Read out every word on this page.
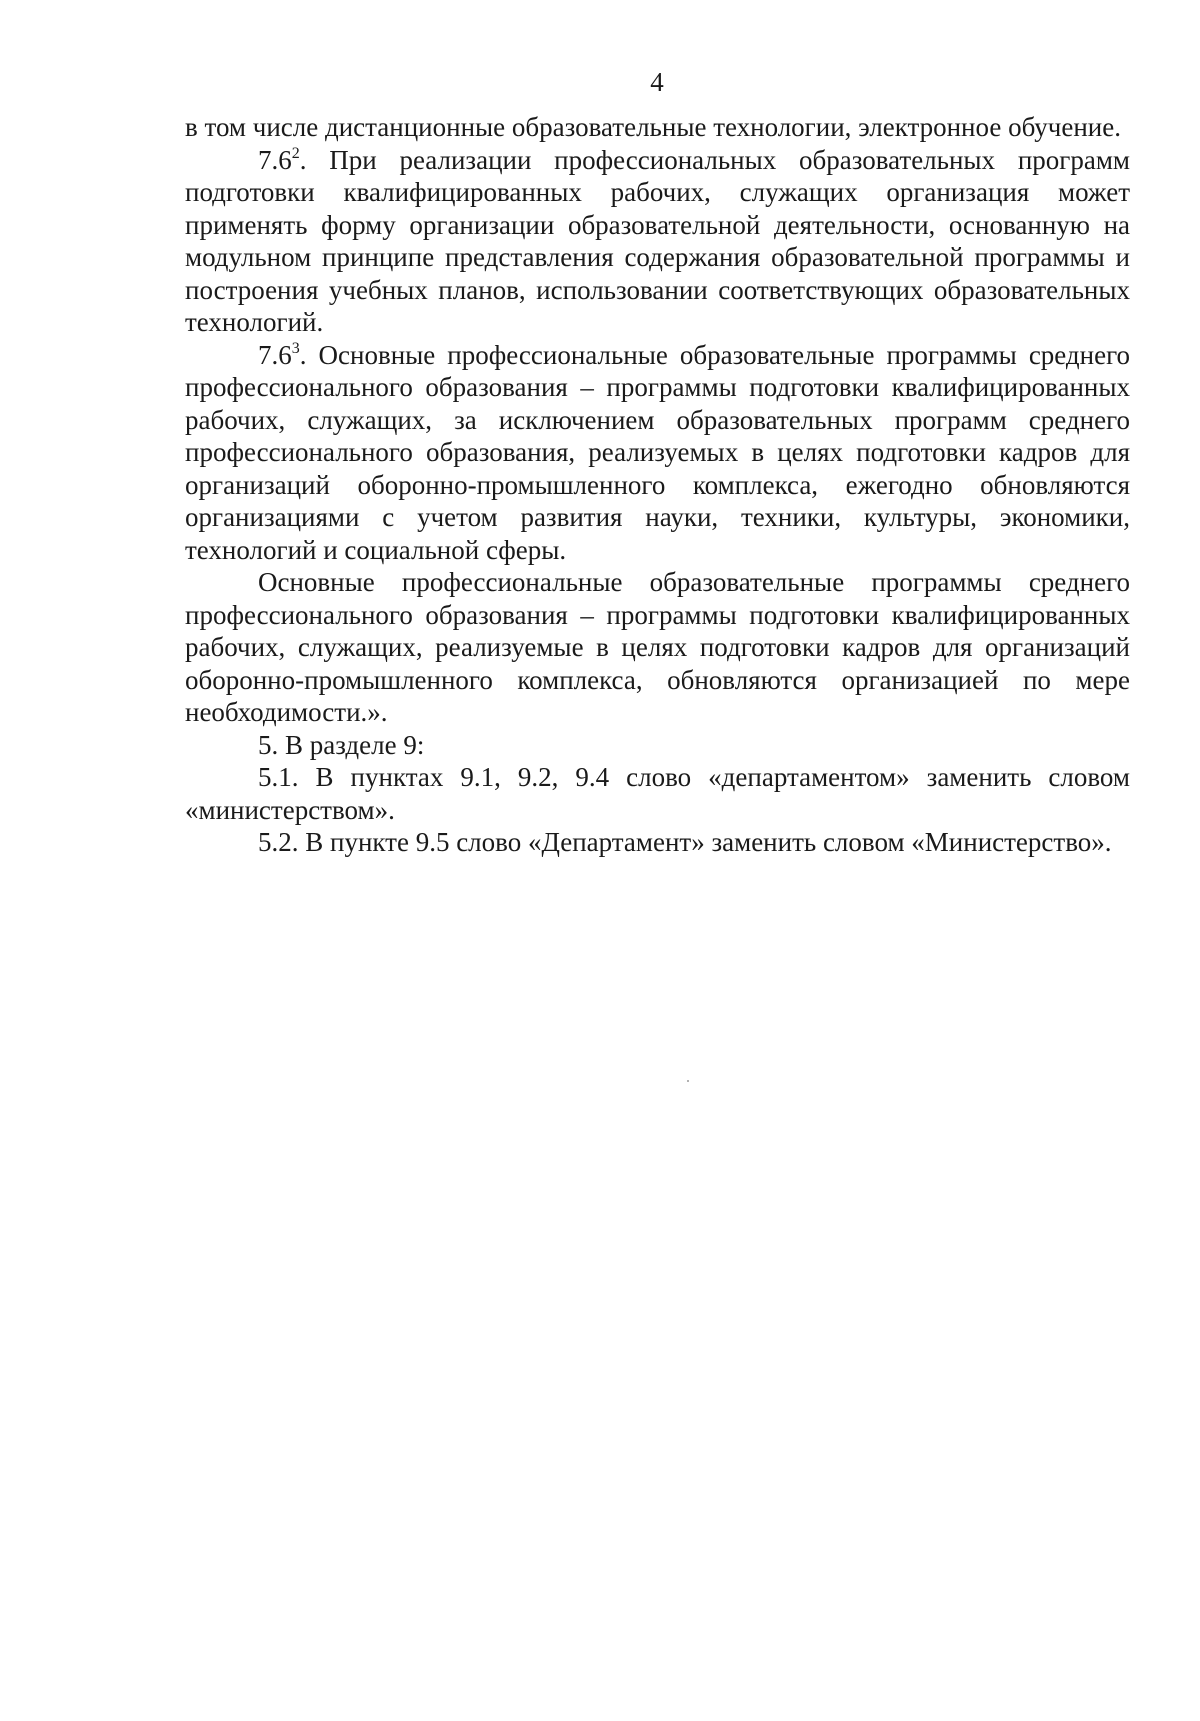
4

в том числе дистанционные образовательные технологии, электронное обучение.

$7.6^2$. При реализации профессиональных образовательных программ подготовки квалифицированных рабочих, служащих организация может применять форму организации образовательной деятельности, основанную на модульном принципе представления содержания образовательной программы и построения учебных планов, использовании соответствующих образовательных технологий.

$7.6^3$. Основные профессиональные образовательные программы среднего профессионального образования – программы подготовки квалифицированных рабочих, служащих, за исключением образовательных программ среднего профессионального образования, реализуемых в целях подготовки кадров для организаций оборонно-промышленного комплекса, ежегодно обновляются организациями с учетом развития науки, техники, культуры, экономики, технологий и социальной сферы.

Основные профессиональные образовательные программы среднего профессионального образования – программы подготовки квалифицированных рабочих, служащих, реализуемые в целях подготовки кадров для организаций оборонно-промышленного комплекса, обновляются организацией по мере необходимости.».

5. В разделе 9:

5.1. В пунктах 9.1, 9.2, 9.4 слово «департаментом» заменить словом «министерством».

5.2. В пункте 9.5 слово «Департамент» заменить словом «Министерство».
